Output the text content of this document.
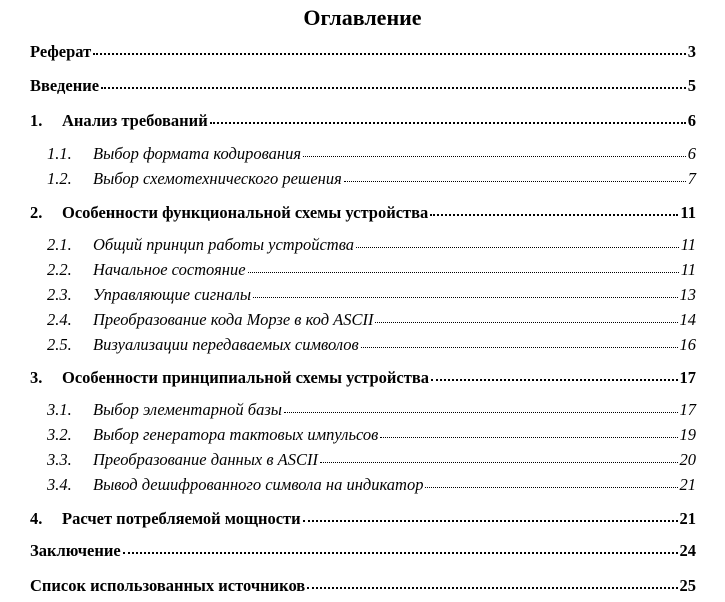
Оглавление
Реферат	3
Введение	5
1.	Анализ требований	6
1.1.	Выбор формата кодирования	6
1.2.	Выбор схемотехнического решения	7
2.	Особенности функциональной схемы устройства	11
2.1.	Общий принцип работы устройства	11
2.2.	Начальное состояние	11
2.3.	Управляющие сигналы	13
2.4.	Преобразование кода Морзе в код ASCII	14
2.5.	Визуализации передаваемых символов	16
3.	Особенности принципиальной схемы устройства	17
3.1.	Выбор элементарной базы	17
3.2.	Выбор генератора тактовых импульсов	19
3.3.	Преобразование данных в ASCII	20
3.4.	Вывод дешифрованного символа на индикатор	21
4.	Расчет потребляемой мощности	21
Заключение	24
Список использованных источников	25
